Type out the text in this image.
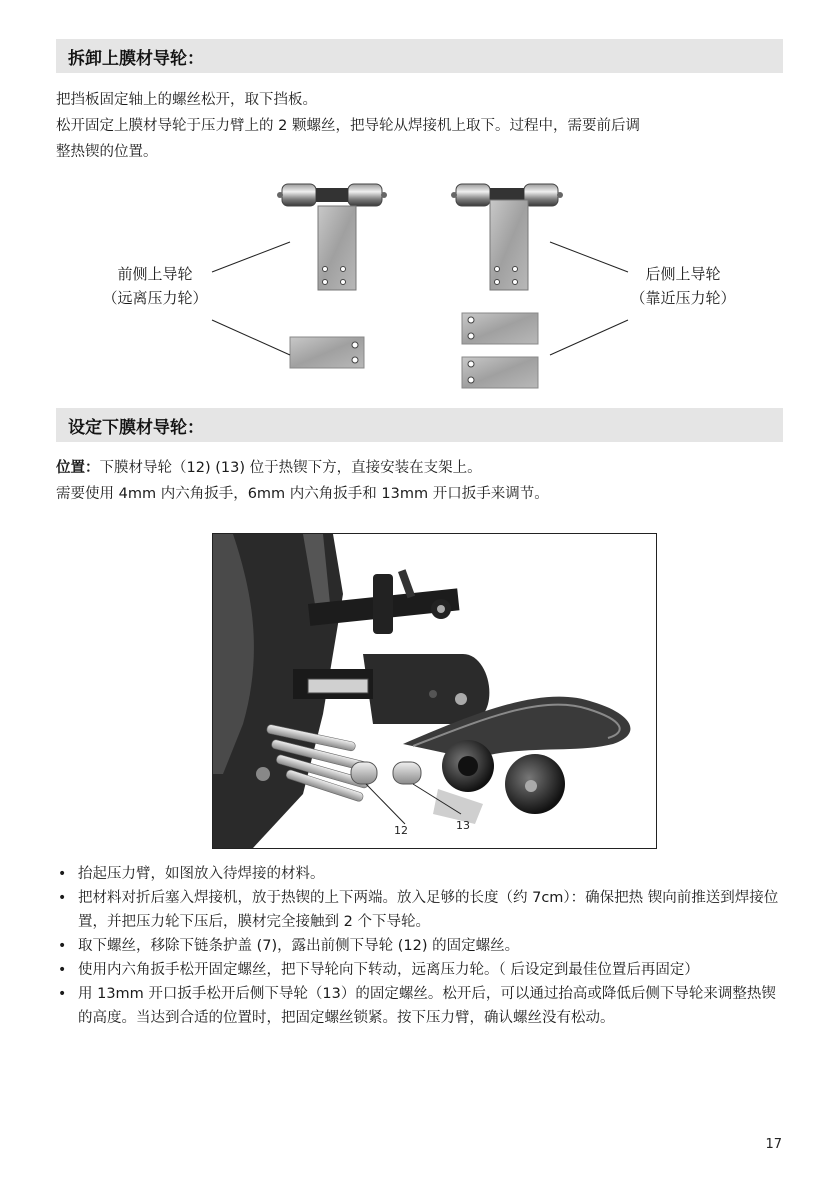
拆卸上膜材导轮：

把挡板固定轴上的螺丝松开，取下挡板。

松开固定上膜材导轮于压力臂上的 2 颗螺丝，把导轮从焊接机上取下。过程中，需要前后调

整热锲的位置。

前侧上导轮
（远离压力轮）
后侧上导轮
（靠近压力轮）
设定下膜材导轮：

位置：下膜材导轮（12) (13) 位于热锲下方，直接安装在支架上。

需要使用 4mm 内六角扳手，6mm 内六角扳手和 13mm 开口扳手来调节。

12	13
• 抬起压力臂，如图放入待焊接的材料。
• 把材料对折后塞入焊接机，放于热锲的上下两端。放入足够的长度（约 7cm）：确保把热 锲向前推送到焊接位置，并把压力轮下压后，膜材完全接触到 2 个下导轮。
• 取下螺丝，移除下链条护盖 (7)，露出前侧下导轮 (12) 的固定螺丝。
• 使用内六角扳手松开固定螺丝，把下导轮向下转动，远离压力轮。（ 后设定到最佳位置后再固定）
• 用 13mm 开口扳手松开后侧下导轮（13）的固定螺丝。松开后，可以通过抬高或降低后侧下导轮来调整热锲的高度。当达到合适的位置时，把固定螺丝锁紧。按下压力臂，确认螺丝没有松动。
17
